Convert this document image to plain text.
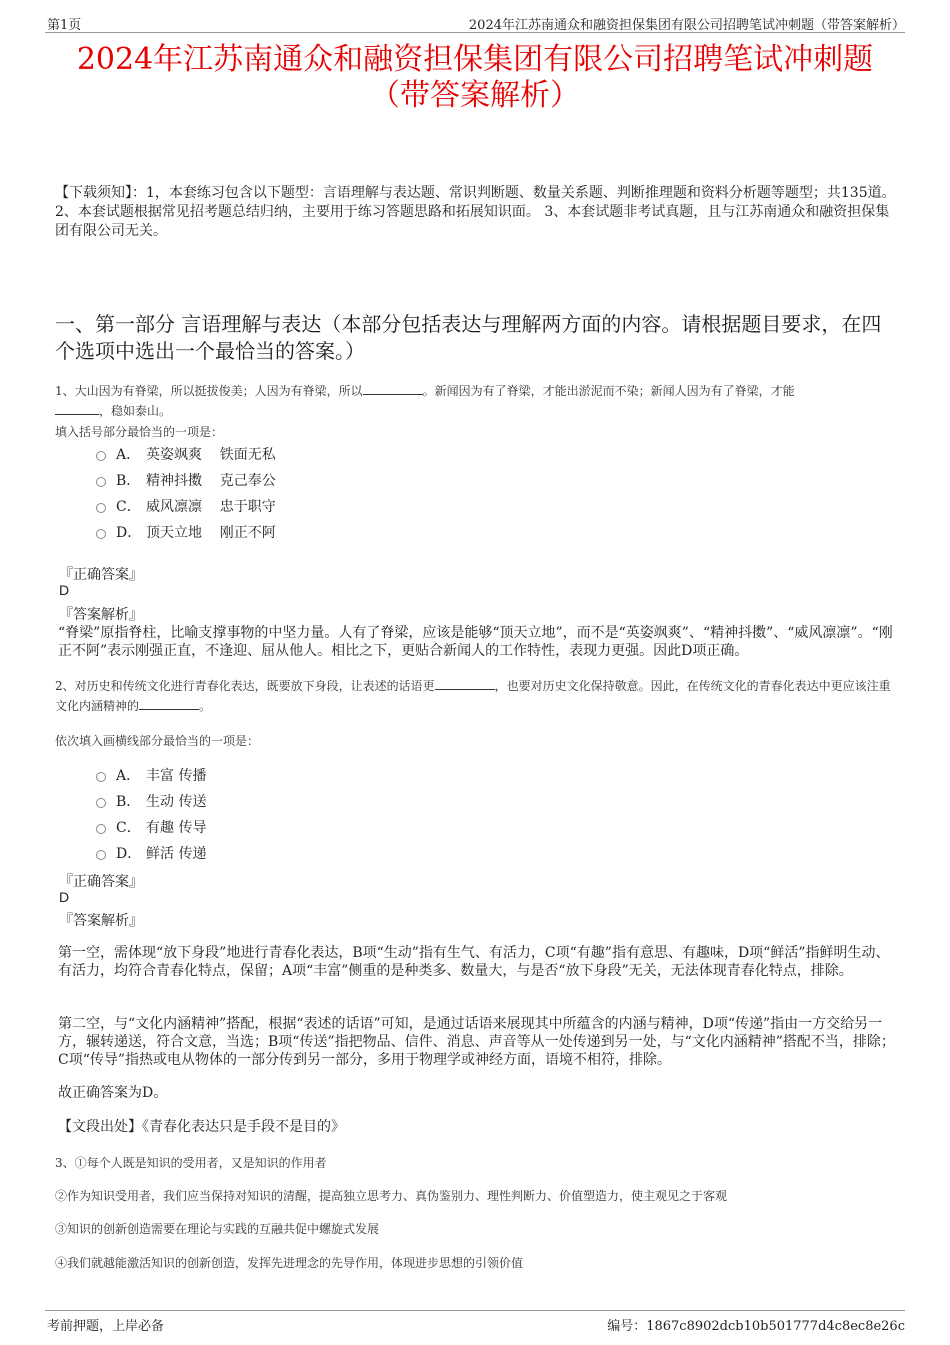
第1页	2024年江苏南通众和融资担保集团有限公司招聘笔试冲刺题（带答案解析）
2024年江苏南通众和融资担保集团有限公司招聘笔试冲刺题
（带答案解析）
【下载须知】：1，本套练习包含以下题型：言语理解与表达题、常识判断题、数量关系题、判断推理题和资料分析题等题型；共135道。 2、本套试题根据常见招考题总结归纳，主要用于练习答题思路和拓展知识面。 3、本套试题非考试真题，且与江苏南通众和融资担保集团有限公司无关。
一、第一部分 言语理解与表达（本部分包括表达与理解两方面的内容。请根据题目要求，在四个选项中选出一个最恰当的答案。）
1、大山因为有脊梁，所以挺拔俊美；人因为有脊梁，所以	。新闻因为有了脊梁，才能出淤泥而不染；新闻人因为有了脊梁，才能
，稳如泰山。
填入括号部分最恰当的一项是：
A． 英姿飒爽    铁面无私
B． 精神抖擞    克己奉公
C． 威风凛凛    忠于职守
D． 顶天立地    刚正不阿
『正确答案』
D
『答案解析』
“脊梁”原指脊柱，比喻支撑事物的中坚力量。人有了脊梁，应该是能够“顶天立地”，而不是“英姿飒爽”、“精神抖擞”、“威风凛凛”。“刚正不阿”表示刚强正直，不逢迎、屈从他人。相比之下，更贴合新闻人的工作特性，表现力更强。因此D项正确。
2、对历史和传统文化进行青春化表达，既要放下身段，让表述的话语更	，也要对历史文化保持敬意。因此，在传统文化的青春化表达中更应该注重文化内涵精神的	。
依次填入画横线部分最恰当的一项是：
A． 丰富 传播
B． 生动 传送
C． 有趣 传导
D． 鲜活 传递
『正确答案』
D
『答案解析』
第一空，需体现“放下身段”地进行青春化表达，B项“生动”指有生气、有活力，C项“有趣”指有意思、有趣味，D项“鲜活”指鲜明生动、有活力，均符合青春化特点，保留；A项“丰富”侧重的是种类多、数量大，与是否“放下身段”无关，无法体现青春化特点，排除。
第二空，与“文化内涵精神”搭配，根据“表述的话语”可知，是通过话语来展现其中所蕴含的内涵与精神，D项“传递”指由一方交给另一方，辗转递送，符合文意，当选；B项“传送”指把物品、信件、消息、声音等从一处传递到另一处，与“文化内涵精神”搭配不当，排除；C项“传导”指热或电从物体的一部分传到另一部分，多用于物理学或神经方面，语境不相符，排除。
故正确答案为D。
【文段出处】《青春化表达只是手段不是目的》
3、①每个人既是知识的受用者，又是知识的作用者
②作为知识受用者，我们应当保持对知识的清醒，提高独立思考力、真伪鉴别力、理性判断力、价值塑造力，使主观见之于客观
③知识的创新创造需要在理论与实践的互融共促中螺旋式发展
④我们就越能激活知识的创新创造，发挥先进理念的先导作用，体现进步思想的引领价值
考前押题，上岸必备	编号：1867c8902dcb10b501777d4c8ec8e26c
